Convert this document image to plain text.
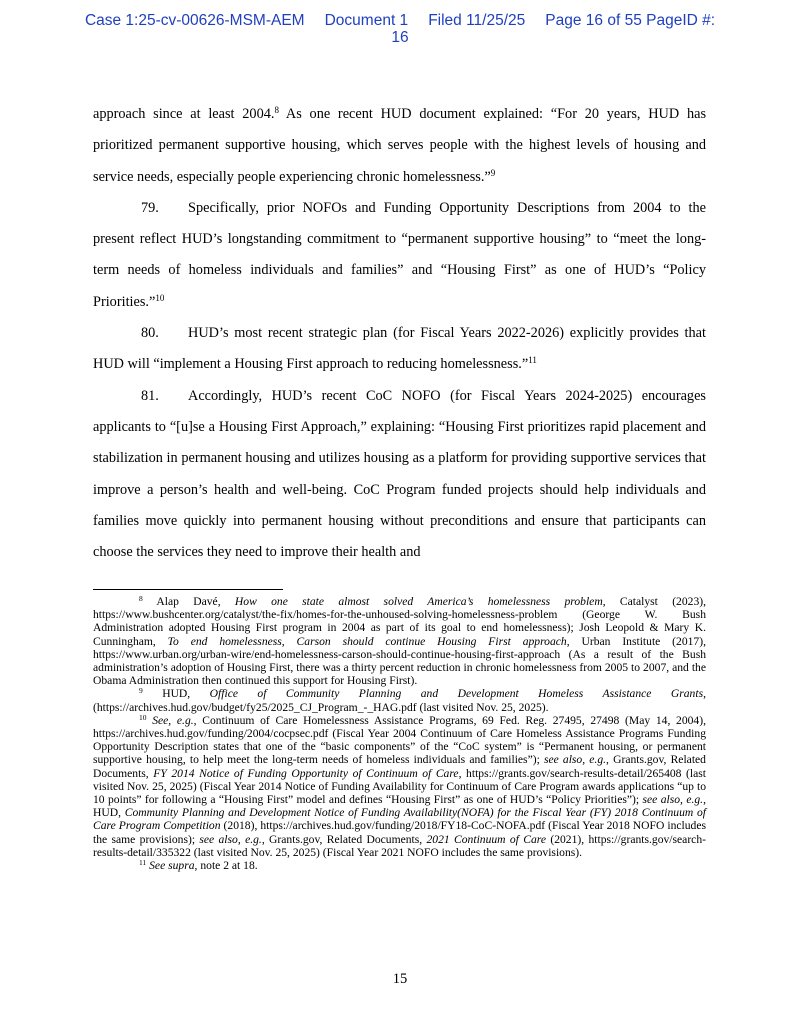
Case 1:25-cv-00626-MSM-AEM Document 1 Filed 11/25/25 Page 16 of 55 PageID #:
16

approach since at least 2004.$^8$ As one recent HUD document explained: “For 20 years, HUD has prioritized permanent supportive housing, which serves people with the highest levels of housing and service needs, especially people experiencing chronic homelessness.”$^9$

79. Specifically, prior NOFOs and Funding Opportunity Descriptions from 2004 to the present reflect HUD’s longstanding commitment to “permanent supportive housing” to “meet the long-term needs of homeless individuals and families” and “Housing First” as one of HUD’s “Policy Priorities.”$^{10}$

80. HUD’s most recent strategic plan (for Fiscal Years 2022-2026) explicitly provides that HUD will “implement a Housing First approach to reducing homelessness.”$^{11}$

81. Accordingly, HUD’s recent CoC NOFO (for Fiscal Years 2024-2025) encourages applicants to “[u]se a Housing First Approach,” explaining: “Housing First prioritizes rapid placement and stabilization in permanent housing and utilizes housing as a platform for providing supportive services that improve a person’s health and well-being. CoC Program funded projects should help individuals and families move quickly into permanent housing without preconditions and ensure that participants can choose the services they need to improve their health and

$^8$ Alap Davé, How one state almost solved America’s homelessness problem, Catalyst (2023), https://www.bushcenter.org/catalyst/the-fix/homes-for-the-unhoused-solving-homelessness-problem (George W. Bush Administration adopted Housing First program in 2004 as part of its goal to end homelessness); Josh Leopold & Mary K. Cunningham, To end homelessness, Carson should continue Housing First approach, Urban Institute (2017), https://www.urban.org/urban-wire/end-homelessness-carson-should-continue-housing-first-approach (As a result of the Bush administration’s adoption of Housing First, there was a thirty percent reduction in chronic homelessness from 2005 to 2007, and the Obama Administration then continued this support for Housing First).

$^9$ HUD, Office of Community Planning and Development Homeless Assistance Grants, (https://archives.hud.gov/budget/fy25/2025_CJ_Program_-_HAG.pdf (last visited Nov. 25, 2025).

$^{10}$ See, e.g., Continuum of Care Homelessness Assistance Programs, 69 Fed. Reg. 27495, 27498 (May 14, 2004), https://archives.hud.gov/funding/2004/cocpsec.pdf (Fiscal Year 2004 Continuum of Care Homeless Assistance Programs Funding Opportunity Description states that one of the “basic components” of the “CoC system” is “Permanent housing, or permanent supportive housing, to help meet the long-term needs of homeless individuals and families”); see also, e.g., Grants.gov, Related Documents, FY 2014 Notice of Funding Opportunity of Continuum of Care, https://grants.gov/search-results-detail/265408 (last visited Nov. 25, 2025) (Fiscal Year 2014 Notice of Funding Availability for Continuum of Care Program awards applications “up to 10 points” for following a “Housing First” model and defines “Housing First” as one of HUD’s “Policy Priorities”); see also, e.g., HUD, Community Planning and Development Notice of Funding Availability(NOFA) for the Fiscal Year (FY) 2018 Continuum of Care Program Competition (2018), https://archives.hud.gov/funding/2018/FY18-CoC-NOFA.pdf (Fiscal Year 2018 NOFO includes the same provisions); see also, e.g., Grants.gov, Related Documents, 2021 Continuum of Care (2021), https://grants.gov/search-results-detail/335322 (last visited Nov. 25, 2025) (Fiscal Year 2021 NOFO includes the same provisions).

$^{11}$ See supra, note 2 at 18.

15
